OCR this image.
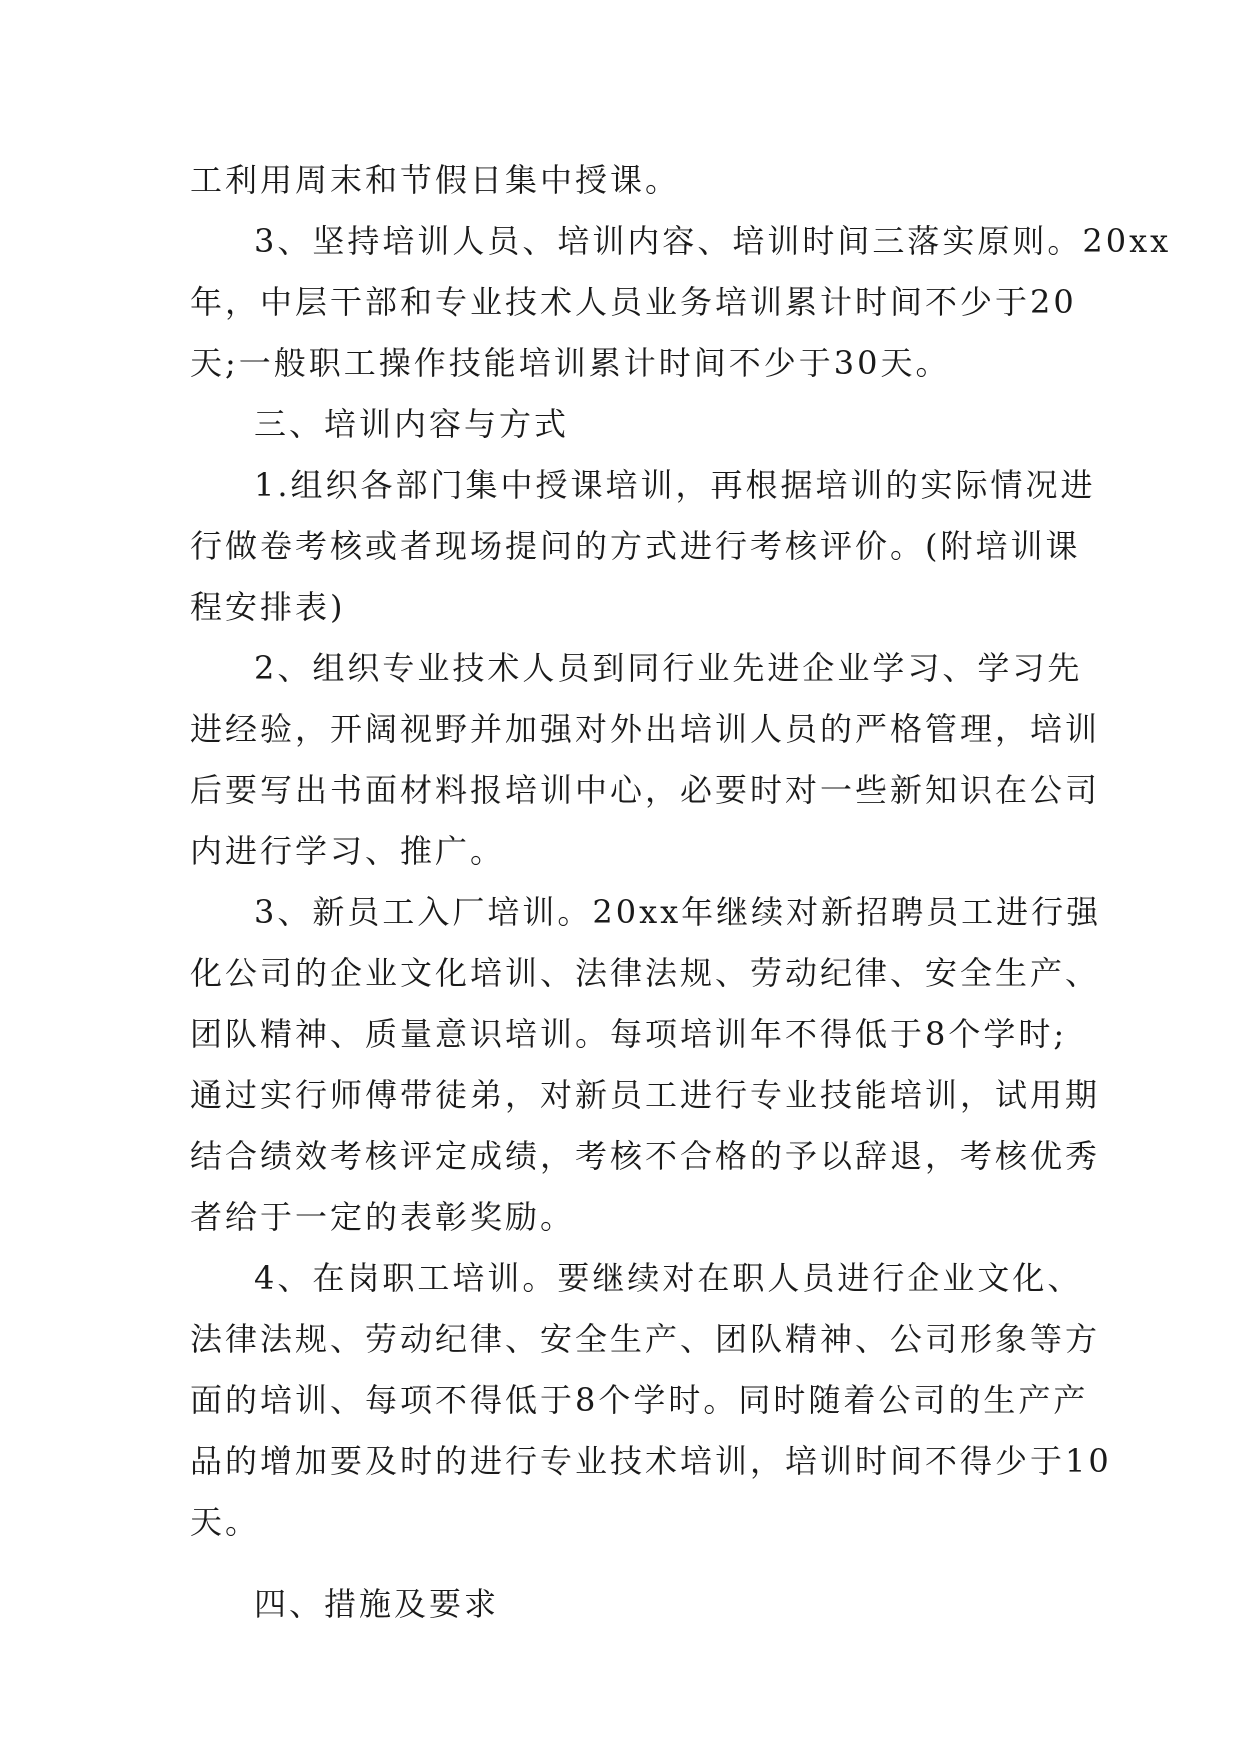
工利用周末和节假日集中授课。
3、坚持培训人员、培训内容、培训时间三落实原则。20xx
年，中层干部和专业技术人员业务培训累计时间不少于20
天;一般职工操作技能培训累计时间不少于30天。
三、培训内容与方式
1.组织各部门集中授课培训，再根据培训的实际情况进
行做卷考核或者现场提问的方式进行考核评价。(附培训课
程安排表)
2、组织专业技术人员到同行业先进企业学习、学习先
进经验，开阔视野并加强对外出培训人员的严格管理，培训
后要写出书面材料报培训中心，必要时对一些新知识在公司
内进行学习、推广。
3、新员工入厂培训。20xx年继续对新招聘员工进行强
化公司的企业文化培训、法律法规、劳动纪律、安全生产、
团队精神、质量意识培训。每项培训年不得低于8个学时;
通过实行师傅带徒弟，对新员工进行专业技能培训，试用期
结合绩效考核评定成绩，考核不合格的予以辞退，考核优秀
者给于一定的表彰奖励。
4、在岗职工培训。要继续对在职人员进行企业文化、
法律法规、劳动纪律、安全生产、团队精神、公司形象等方
面的培训、每项不得低于8个学时。同时随着公司的生产产
品的增加要及时的进行专业技术培训，培训时间不得少于10
天。
四、措施及要求
